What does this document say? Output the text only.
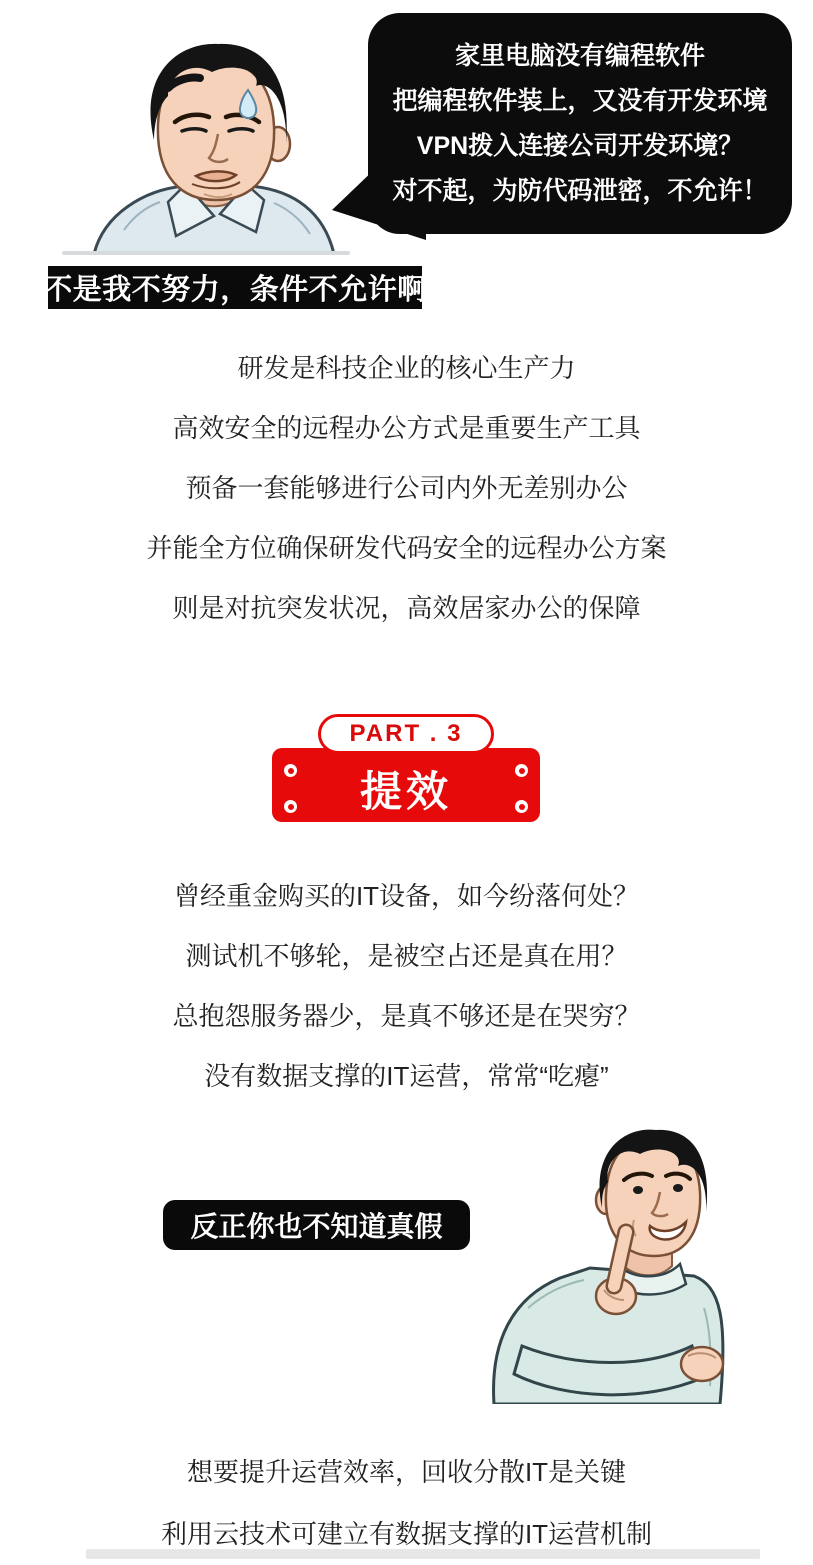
家里电脑没有编程软件
把编程软件装上，又没有开发环境
VPN拨入连接公司开发环境？
对不起，为防代码泄密，不允许！
不是我不努力，条件不允许啊
研发是科技企业的核心生产力
高效安全的远程办公方式是重要生产工具
预备一套能够进行公司内外无差别办公
并能全方位确保研发代码安全的远程办公方案
则是对抗突发状况，高效居家办公的保障
PART . 3
提效
曾经重金购买的IT设备，如今纷落何处？
测试机不够轮，是被空占还是真在用？
总抱怨服务器少，是真不够还是在哭穷？
没有数据支撑的IT运营，常常“吃瘪”
反正你也不知道真假
想要提升运营效率，回收分散IT是关键
利用云技术可建立有数据支撑的IT运营机制
